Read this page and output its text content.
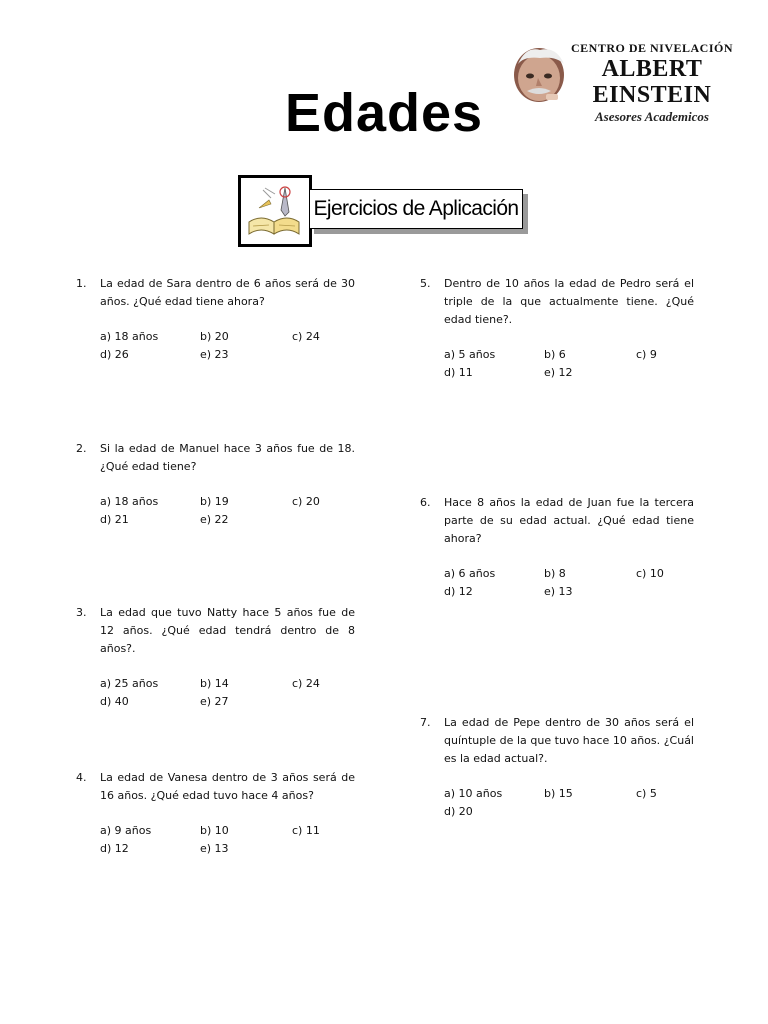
CENTRO DE NIVELACIÓN
ALBERT EINSTEIN
Asesores Academicos
Edades
Ejercicios de Aplicación
1. La edad de Sara dentro de 6 años será de 30 años. ¿Qué edad tiene ahora?

a) 18 años	b) 20	c) 24
d) 26	e) 23
2. Si la edad de Manuel hace 3 años fue de 18. ¿Qué edad tiene?

a) 18 años	b) 19	c) 20
d) 21	e) 22
3. La edad que tuvo Natty hace 5 años fue de 12 años. ¿Qué edad tendrá dentro de 8 años?.

a) 25 años	b) 14	c) 24
d) 40	e) 27
4. La edad de Vanesa dentro de 3 años será de 16 años. ¿Qué edad tuvo hace 4 años?

a) 9 años	b) 10	c) 11
d) 12	e) 13
5. Dentro de 10 años la edad de Pedro será el triple de la que actualmente tiene. ¿Qué edad tiene?.

a) 5 años	b) 6	c) 9
d) 11	e) 12
6. Hace 8 años la edad de Juan fue la tercera parte de su edad actual. ¿Qué edad tiene ahora?

a) 6 años	b) 8	c) 10
d) 12	e) 13
7. La edad de Pepe dentro de 30 años será el quíntuple de la que tuvo hace 10 años. ¿Cuál es la edad actual?.

a) 10 años	b) 15	c) 5
d) 20
